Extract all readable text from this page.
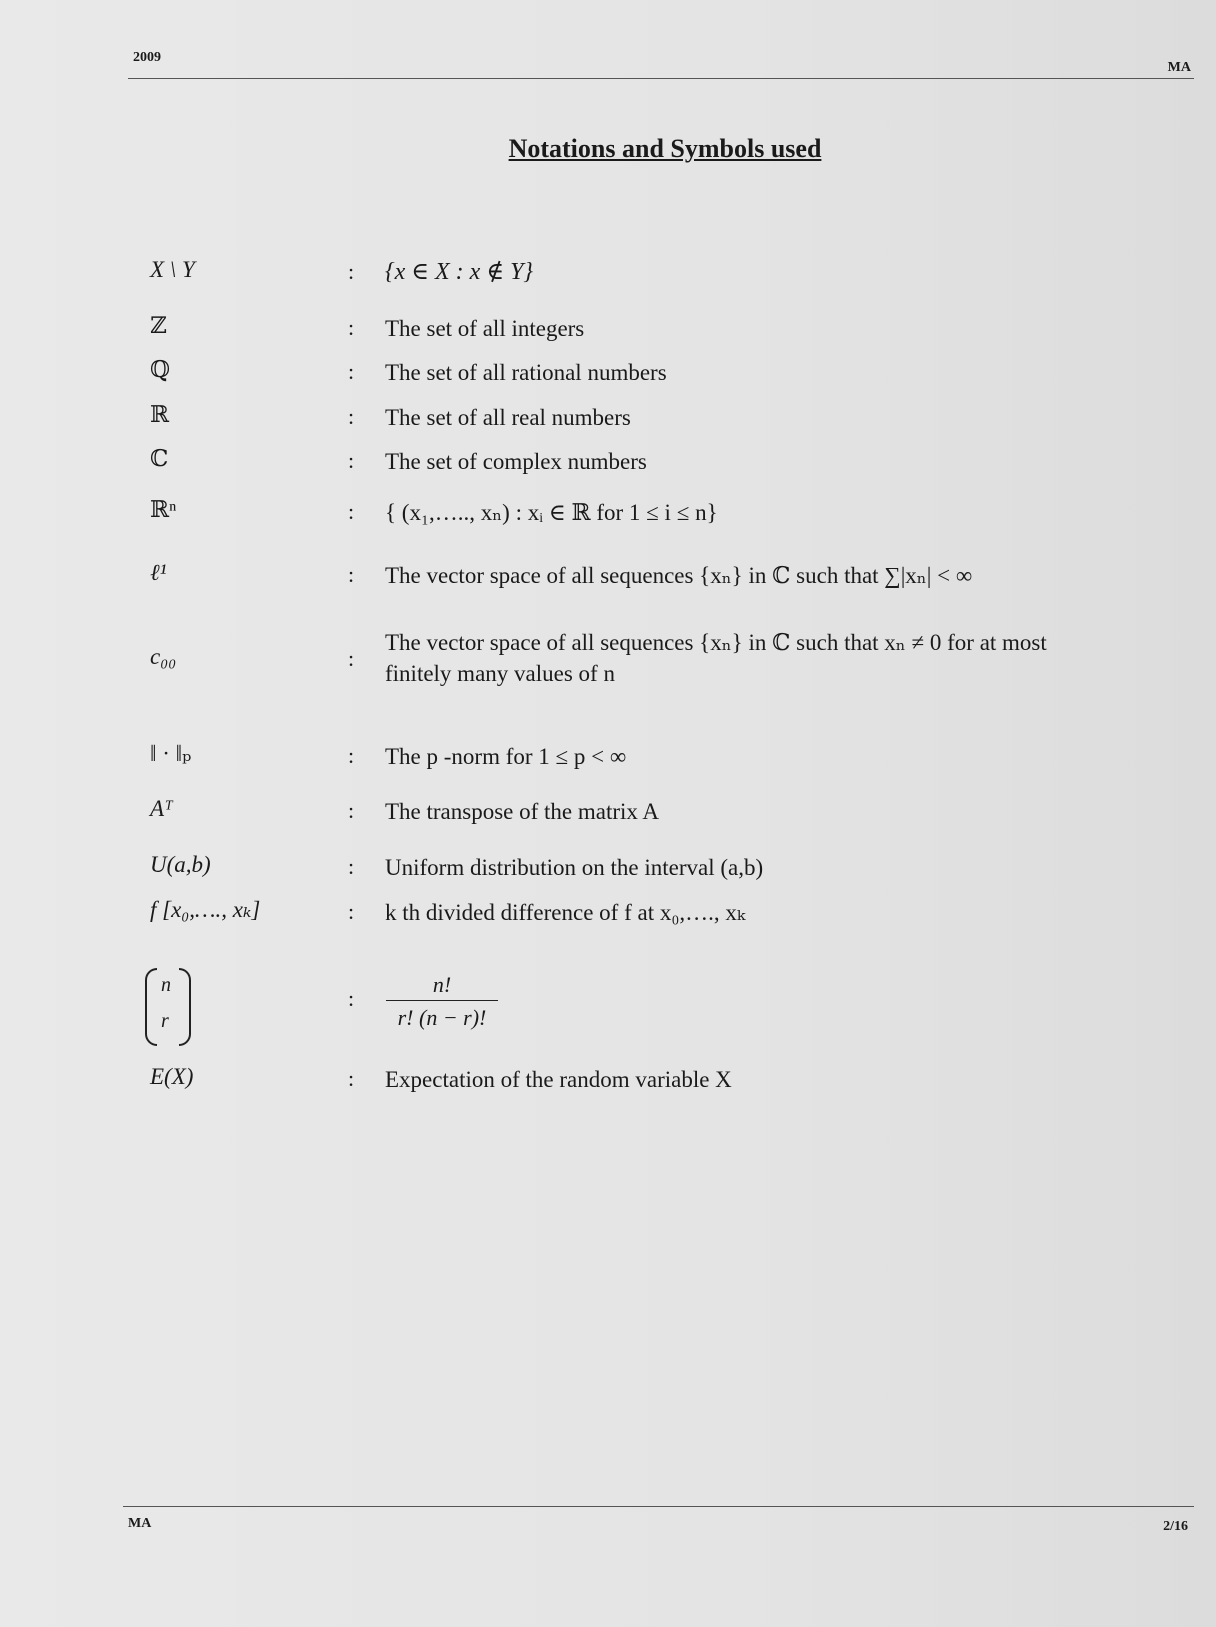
2009
MA
Notations and Symbols used
X \ Y	: {x ∈ X : x ∉ Y}
ℤ	: The set of all integers
ℚ	: The set of all rational numbers
ℝ	: The set of all real numbers
ℂ	: The set of complex numbers
ℝⁿ	: { (x₁,….., xₙ) : xᵢ ∈ ℝ for 1 ≤ i ≤ n}
ℓ¹	: The vector space of all sequences {xₙ} in ℂ such that ∑|xₙ| < ∞
c₀₀	:
The vector space of all sequences {xₙ} in ℂ such that xₙ ≠ 0 for at most
finitely many values of n
‖ · ‖ₚ	: The p -norm for 1 ≤ p < ∞
Aᵀ	: The transpose of the matrix A
U(a,b)	: Uniform distribution on the interval (a,b)
f [x₀,…., xₖ]	: k th divided difference of f at x₀,…., xₖ
n
r
: $\frac{n!}{r! (n - r)!}$
E(X)	: Expectation of the random variable X
MA	2/16
